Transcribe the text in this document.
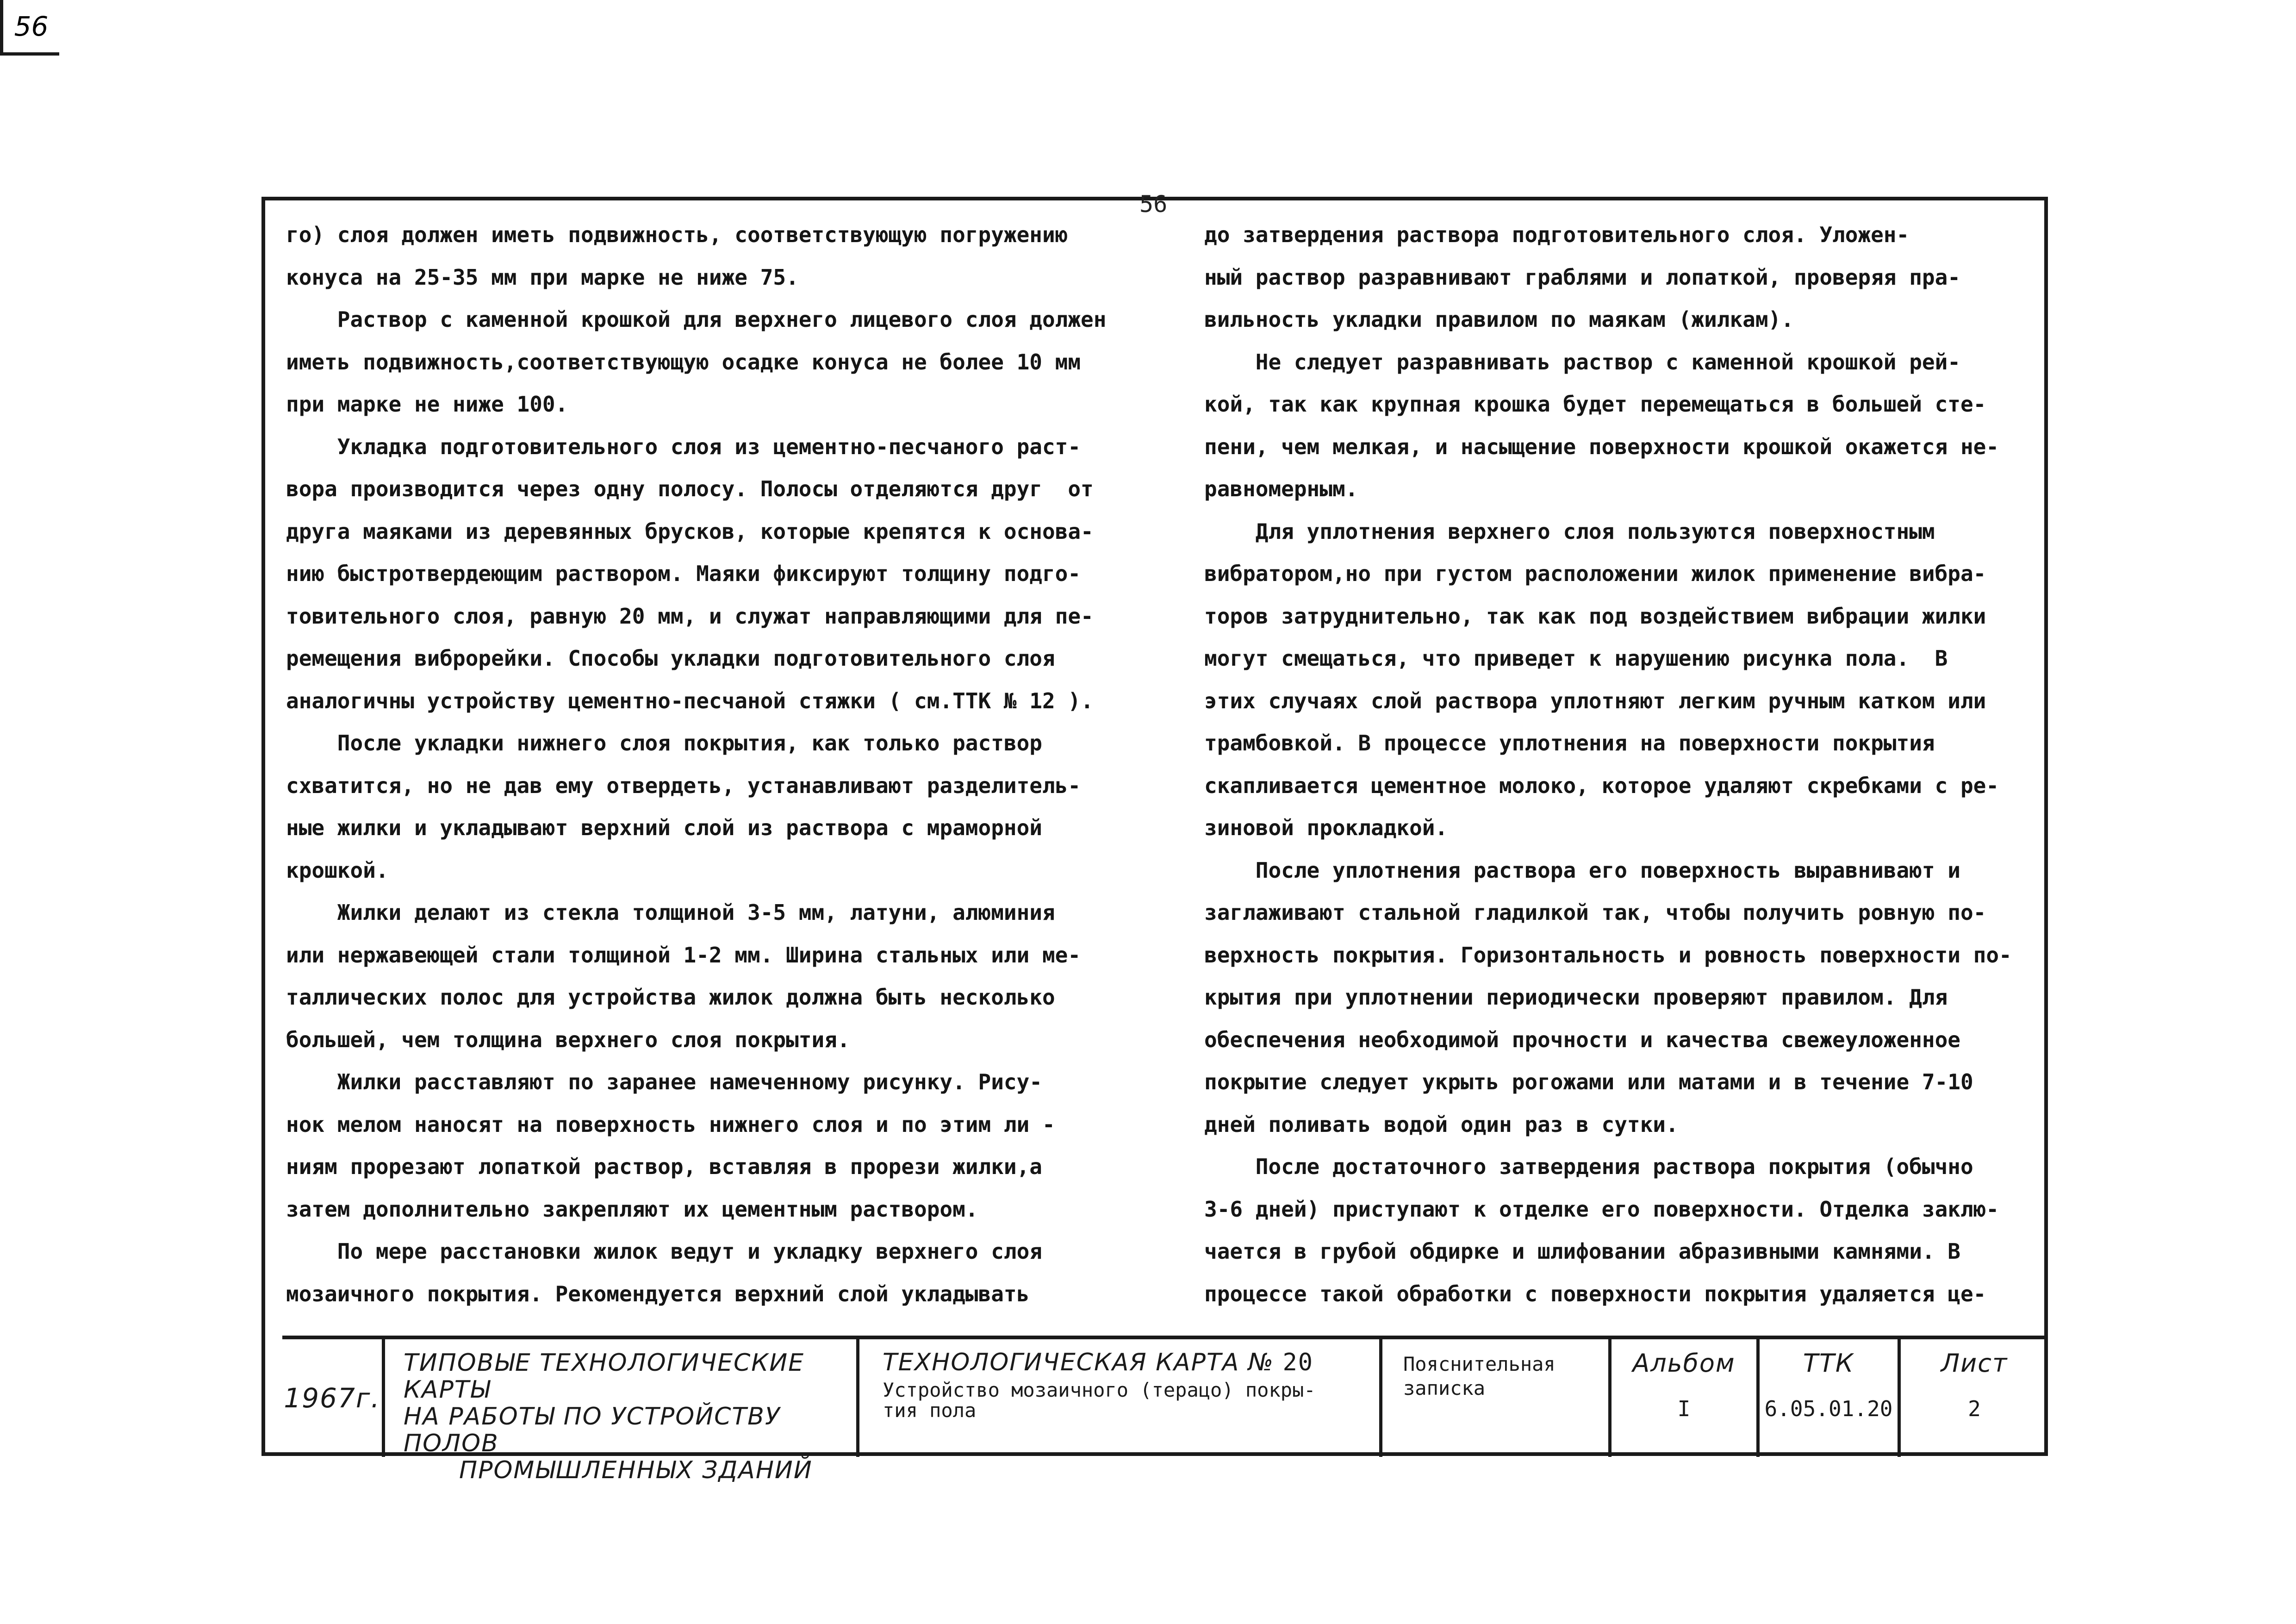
56
56
го) слоя должен иметь подвижность, соответствующую погружению
конуса на 25-35 мм при марке не ниже 75.
Раствор с каменной крошкой для верхнего лицевого слоя должен
иметь подвижность,соответствующую осадке конуса не более 10 мм
при марке не ниже 100.
Укладка подготовительного слоя из цементно-песчаного раст-
вора производится через одну полосу. Полосы отделяются друг  от
друга маяками из деревянных брусков, которые крепятся к основа-
нию быстротвердеющим раствором. Маяки фиксируют толщину подго-
товительного слоя, равную 20 мм, и служат направляющими для пе-
ремещения виброрейки. Способы укладки подготовительного слоя
аналогичны устройству цементно-песчаной стяжки ( см.ТТК № 12 ).
После укладки нижнего слоя покрытия, как только раствор
схватится, но не дав ему отвердеть, устанавливают разделитель-
ные жилки и укладывают верхний слой из раствора с мраморной
крошкой.
Жилки делают из стекла толщиной 3-5 мм, латуни, алюминия
или нержавеющей стали толщиной 1-2 мм. Ширина стальных или ме-
таллических полос для устройства жилок должна быть несколько
большей, чем толщина верхнего слоя покрытия.
Жилки расставляют по заранее намеченному рисунку. Рису-
нок мелом наносят на поверхность нижнего слоя и по этим ли -
ниям прорезают лопаткой раствор, вставляя в прорези жилки,а
затем дополнительно закрепляют их цементным раствором.
По мере расстановки жилок ведут и укладку верхнего слоя
мозаичного покрытия. Рекомендуется верхний слой укладывать
до затвердения раствора подготовительного слоя. Уложен-
ный раствор разравнивают граблями и лопаткой, проверяя пра-
вильность укладки правилом по маякам (жилкам).
Не следует разравнивать раствор с каменной крошкой рей-
кой, так как крупная крошка будет перемещаться в большей сте-
пени, чем мелкая, и насыщение поверхности крошкой окажется не-
равномерным.
Для уплотнения верхнего слоя пользуются поверхностным
вибратором,но при густом расположении жилок применение вибра-
торов затруднительно, так как под воздействием вибрации жилки
могут смещаться, что приведет к нарушению рисунка пола.  В
этих случаях слой раствора уплотняют легким ручным катком или
трамбовкой. В процессе уплотнения на поверхности покрытия
скапливается цементное молоко, которое удаляют скребками с ре-
зиновой прокладкой.
После уплотнения раствора его поверхность выравнивают и
заглаживают стальной гладилкой так, чтобы получить ровную по-
верхность покрытия. Горизонтальность и ровность поверхности по-
крытия при уплотнении периодически проверяют правилом. Для
обеспечения необходимой прочности и качества свежеуложенное
покрытие следует укрыть рогожами или матами и в течение 7-10
дней поливать водой один раз в сутки.
После достаточного затвердения раствора покрытия (обычно
3-6 дней) приступают к отделке его поверхности. Отделка заклю-
чается в грубой обдирке и шлифовании абразивными камнями. В
процессе такой обработки с поверхности покрытия удаляется це-
1967г.
ТИПОВЫЕ ТЕХНОЛОГИЧЕСКИЕ КАРТЫ
НА РАБОТЫ ПО УСТРОЙСТВУ ПОЛОВ
ПРОМЫШЛЕННЫХ ЗДАНИЙ
ТЕХНОЛОГИЧЕСКАЯ КАРТА № 20
Устройство мозаичного (терацо) покры-
тия пола
Пояснительная
записка
Альбом
I
ТТК
6.05.01.20
Лист
2
